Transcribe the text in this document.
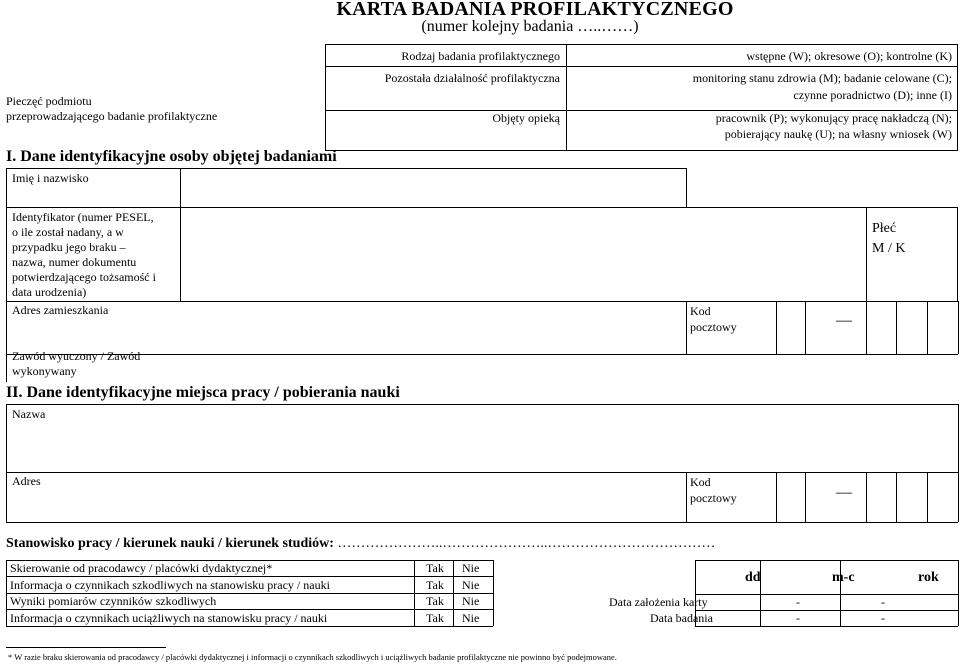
KARTA BADANIA PROFILAKTYCZNEGO
(numer kolejny badania …..……)
Pieczęć podmiotu
przeprowadzającego badanie profilaktyczne
Rodzaj badania profilaktycznego	wstępne (W); okresowe (O); kontrolne (K)
Pozostała działalność profilaktyczna	monitoring stanu zdrowia (M); badanie celowane (C);
czynne poradnictwo (D); inne (I)
Objęty opieką	pracownik (P); wykonujący pracę nakładczą (N);
pobierający naukę (U); na własny wniosek (W)
I. Dane identyfikacyjne osoby objętej badaniami
Imię i nazwisko
Identyfikator (numer PESEL,
o ile został nadany, a w
przypadku jego braku –
nazwa, numer dokumentu
potwierdzającego tożsamość i
data urodzenia)
Płeć
M / K
Adres zamieszkania	Kod
pocztowy	—
Zawód wyuczony / Zawód
wykonywany
II. Dane identyfikacyjne miejsca pracy / pobierania nauki
Nazwa
Adres	Kod
pocztowy	—
Stanowisko pracy / kierunek nauki / kierunek studiów: …………………..…………………..………………………………
Skierowanie od pracodawcy / placówki dydaktycznej*	Tak Nie
Informacja o czynnikach szkodliwych na stanowisku pracy / nauki	Tak Nie
Wyniki pomiarów czynników szkodliwych	Tak Nie
Informacja o czynnikach uciążliwych na stanowisku pracy / nauki	Tak Nie
dd	m-c	rok
Data założenia karty	-	-
Data badania	-	-
* W razie braku skierowania od pracodawcy / placówki dydaktycznej i informacji o czynnikach szkodliwych i uciążliwych badanie profilaktyczne nie powinno być podejmowane.
